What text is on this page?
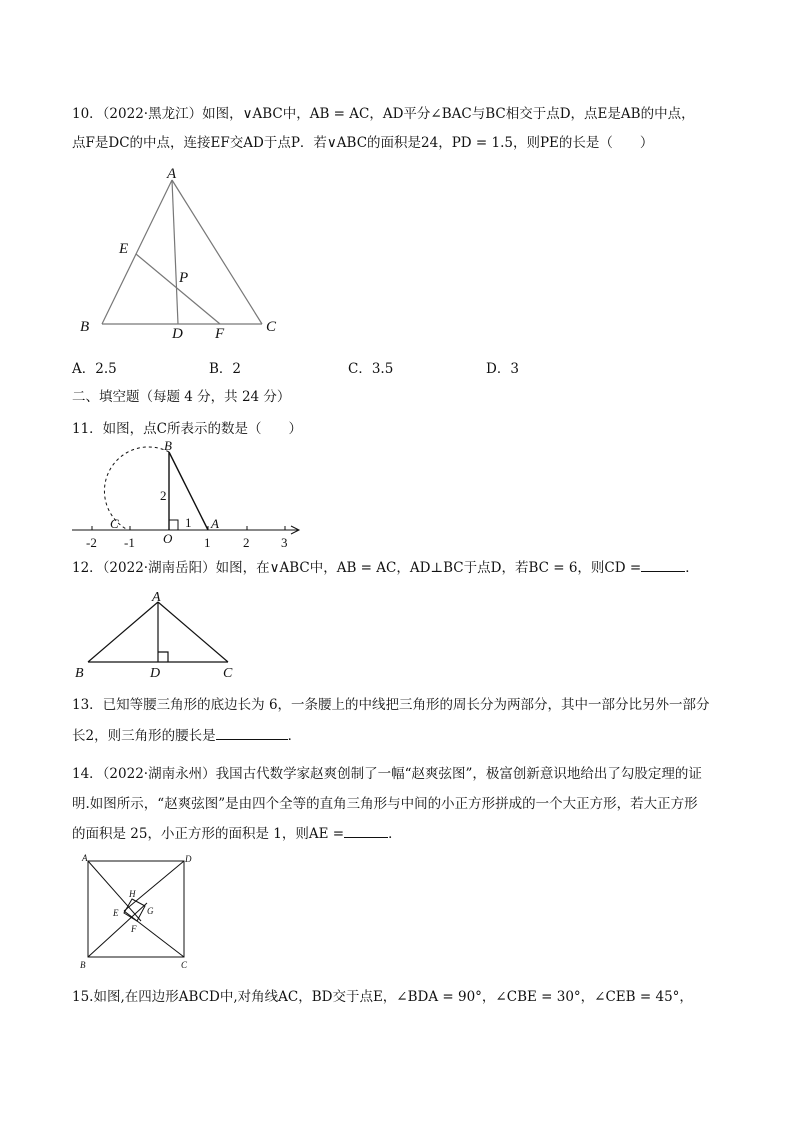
10．（2022·黑龙江）如图，∨ABC中，AB = AC，AD平分∠BAC与BC相交于点D，点E是AB的中点，
点F是DC的中点，连接EF交AD于点P．若∨ABC的面积是24，PD = 1.5，则PE的长是（　　）
A
B	C
D
E
F
P
A．2.5	B．2	C．3.5	D．3
二、填空题（每题 4 分，共 24 分）
11．如图，点C所表示的数是（　　）
B
C
O
A
2
1
-2 -1	1	2 3
12．（2022·湖南岳阳）如图，在∨ABC中，AB = AC，AD⊥BC于点D，若BC = 6，则CD =	．
A
B	D	C
13．已知等腰三角形的底边长为 6，一条腰上的中线把三角形的周长分为两部分，其中一部分比另外一部分
长2，则三角形的腰长是	．
14．（2022·湖南永州）我国古代数学家赵爽创制了一幅“赵爽弦图”，极富创新意识地给出了勾股定理的证
明.如图所示，“赵爽弦图”是由四个全等的直角三角形与中间的小正方形拼成的一个大正方形，若大正方形
的面积是 25，小正方形的面积是 1，则AE =	．
A	D
B	C
E
F
G
H
15.如图,在四边形ABCD中,对角线AC，BD交于点E，∠BDA = 90°，∠CBE = 30°，∠CEB = 45°，
